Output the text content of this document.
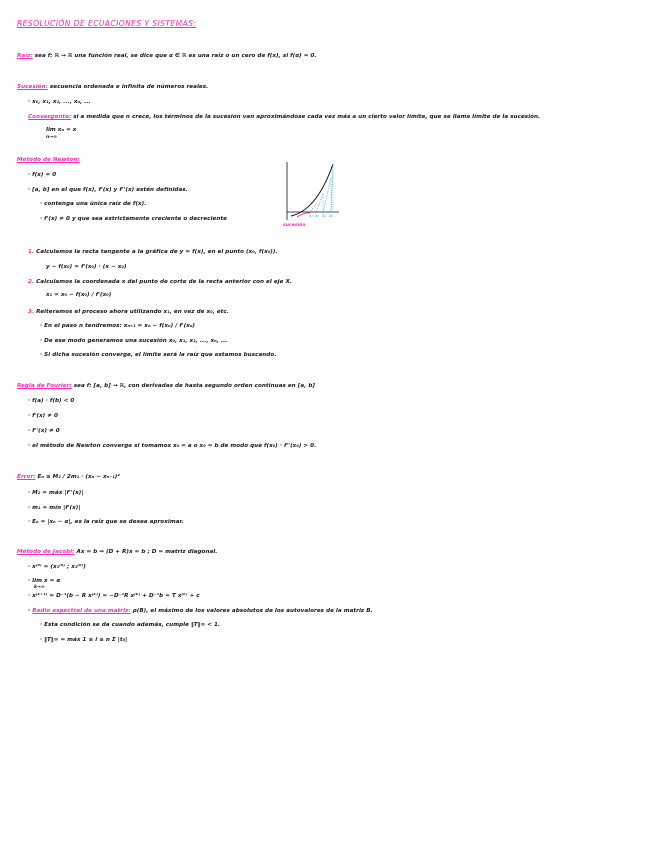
RESOLUCIÓN DE ECUACIONES Y SISTEMAS:
Raíz: sea f: ℝ → ℝ una función real, se dice que α ∈ ℝ es una raíz o un cero de f(x), si f(α) = 0.
Sucesión: secuencia ordenada e infinita de números reales.
· x₀, x₁, x₂, ..., xₙ, ...
Convergente: si a medida que n crece, los términos de la sucesión van aproximándose cada vez más a un cierto valor límite, que se llama límite de la sucesión.
lim xₙ = x
n→∞
Método de Newton:
· f(x) = 0
· [a, b] en el que f(x), f'(x) y f''(x) estén definidas.
· contenga una única raíz de f(x).
· f'(x) ≠ 0 y que sea estrictamente creciente o decreciente
x₃ x₂ x₁ x₀
sucesión
1. Calculamos la recta tangente a la gráfica de y = f(x), en el punto (x₀, f(x₀)).
y − f(x₀) = f'(x₀) · (x − x₀)
2. Calculamos la coordenada x del punto de corte de la recta anterior con el eje X.
x₁ = x₀ − f(x₀) / f'(x₀)
3. Reiteramos el proceso ahora utilizando x₁, en vez de x₀, etc.
· En el paso n tendremos: xₙ₊₁ = xₙ − f(xₙ) / f'(xₙ)
· De ese modo generamos una sucesión x₀, x₁, x₂, ..., xₙ, ...
· Si dicha sucesión converge, el límite será la raíz que estamos buscando.
Regla de Fourier: sea f: [a, b] → ℝ, con derivadas de hasta segundo orden continuas en [a, b]
· f(a) · f(b) < 0
· f'(x) ≠ 0
· f''(x) ≠ 0
· el método de Newton converge si tomamos x₀ = a o x₀ = b de modo que f(x₀) · f''(x₀) > 0.
Error: Eₙ ≤ M₂ / 2m₁ · (xₙ − xₙ₋₁)²
· M₂ = máx |f''(x)|
· m₁ = mín |f'(x)|
· Eₙ = |xₙ − α|, es la raíz que se desea aproximar.
Método de Jacobi: Ax = b ⇒ (D + R)x = b ; D = matriz diagonal.
· x⁽⁰⁾ = (x₁⁽⁰⁾ ; x₂⁽⁰⁾)
· lim x = α
k→∞
· x⁽ᵏ⁺¹⁾ = D⁻¹(b − R x⁽ᵏ⁾) = −D⁻¹R x⁽ᵏ⁾ + D⁻¹b = T x⁽ᵏ⁾ + c
· Radio espectral de una matriz: ρ(B), el máximo de los valores absolutos de los autovalores de la matriz B.
· Esta condición se da cuando además, cumple ‖T‖∞ < 1.
· ‖T‖∞ = máx 1 ≤ i ≤ n Σ |tᵢⱼ|
